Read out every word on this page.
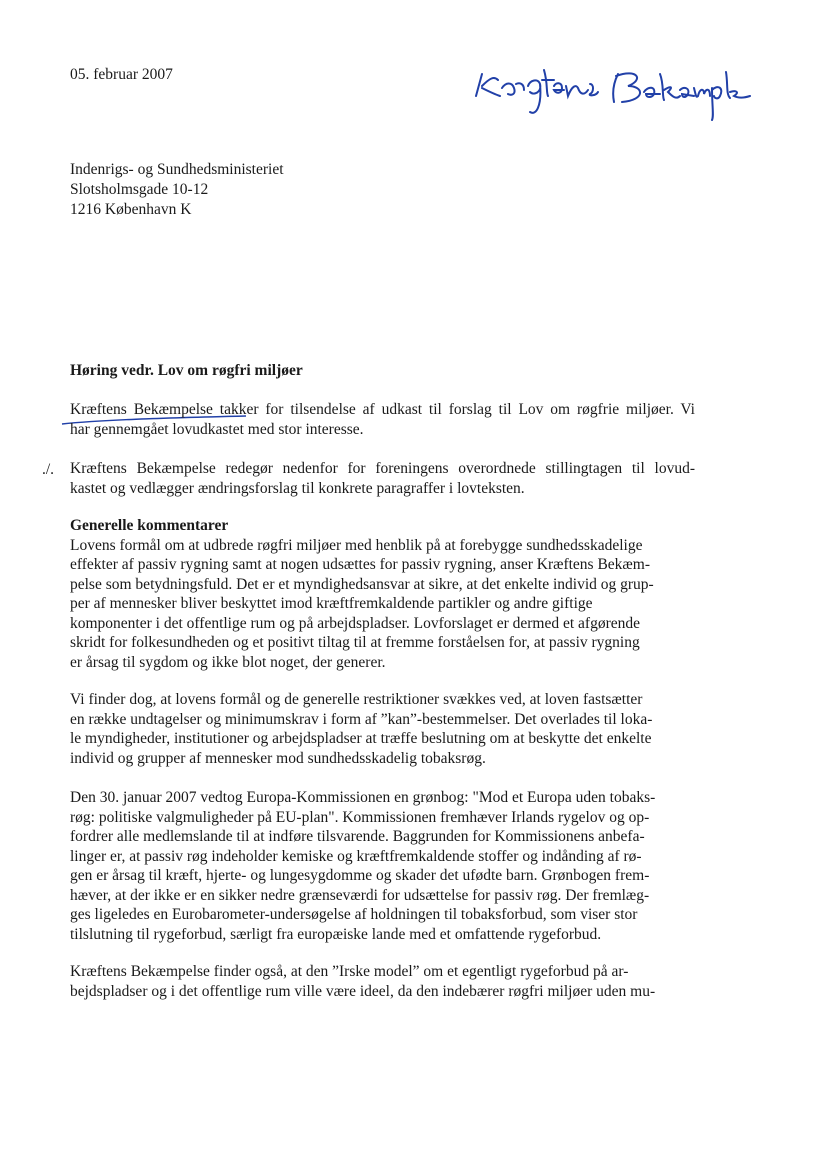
05. februar 2007
Indenrigs- og Sundhedsministeriet
Slotsholmsgade 10-12
1216 København K
Høring vedr. Lov om røgfri miljøer
Kræftens Bekæmpelse takker for tilsendelse af udkast til forslag til Lov om røgfrie miljøer. Vi
har gennemgået lovudkastet med stor interesse.
./. Kræftens Bekæmpelse redegør nedenfor for foreningens overordnede stillingtagen til lovud-
kastet og vedlægger ændringsforslag til konkrete paragraffer i lovteksten.
Generelle kommentarer
Lovens formål om at udbrede røgfri miljøer med henblik på at forebygge sundhedsskadelige
effekter af passiv rygning samt at nogen udsættes for passiv rygning, anser Kræftens Bekæm-
pelse som betydningsfuld. Det er et myndighedsansvar at sikre, at det enkelte individ og grup-
per af mennesker bliver beskyttet imod kræftfremkaldende partikler og andre giftige
komponenter i det offentlige rum og på arbejdspladser. Lovforslaget er dermed et afgørende
skridt for folkesundheden og et positivt tiltag til at fremme forståelsen for, at passiv rygning
er årsag til sygdom og ikke blot noget, der generer.
Vi finder dog, at lovens formål og de generelle restriktioner svækkes ved, at loven fastsætter
en række undtagelser og minimumskrav i form af ”kan”-bestemmelser. Det overlades til loka-
le myndigheder, institutioner og arbejdspladser at træffe beslutning om at beskytte det enkelte
individ og grupper af mennesker mod sundhedsskadelig tobaksrøg.
Den 30. januar 2007 vedtog Europa-Kommissionen en grønbog: "Mod et Europa uden tobaks-
røg: politiske valgmuligheder på EU-plan". Kommissionen fremhæver Irlands rygelov og op-
fordrer alle medlemslande til at indføre tilsvarende. Baggrunden for Kommissionens anbefa-
linger er, at passiv røg indeholder kemiske og kræftfremkaldende stoffer og indånding af rø-
gen er årsag til kræft, hjerte- og lungesygdomme og skader det ufødte barn. Grønbogen frem-
hæver, at der ikke er en sikker nedre grænseværdi for udsættelse for passiv røg. Der fremlæg-
ges ligeledes en Eurobarometer-undersøgelse af holdningen til tobaksforbud, som viser stor
tilslutning til rygeforbud, særligt fra europæiske lande med et omfattende rygeforbud.
Kræftens Bekæmpelse finder også, at den ”Irske model” om et egentligt rygeforbud på ar-
bejdspladser og i det offentlige rum ville være ideel, da den indebærer røgfri miljøer uden mu-
